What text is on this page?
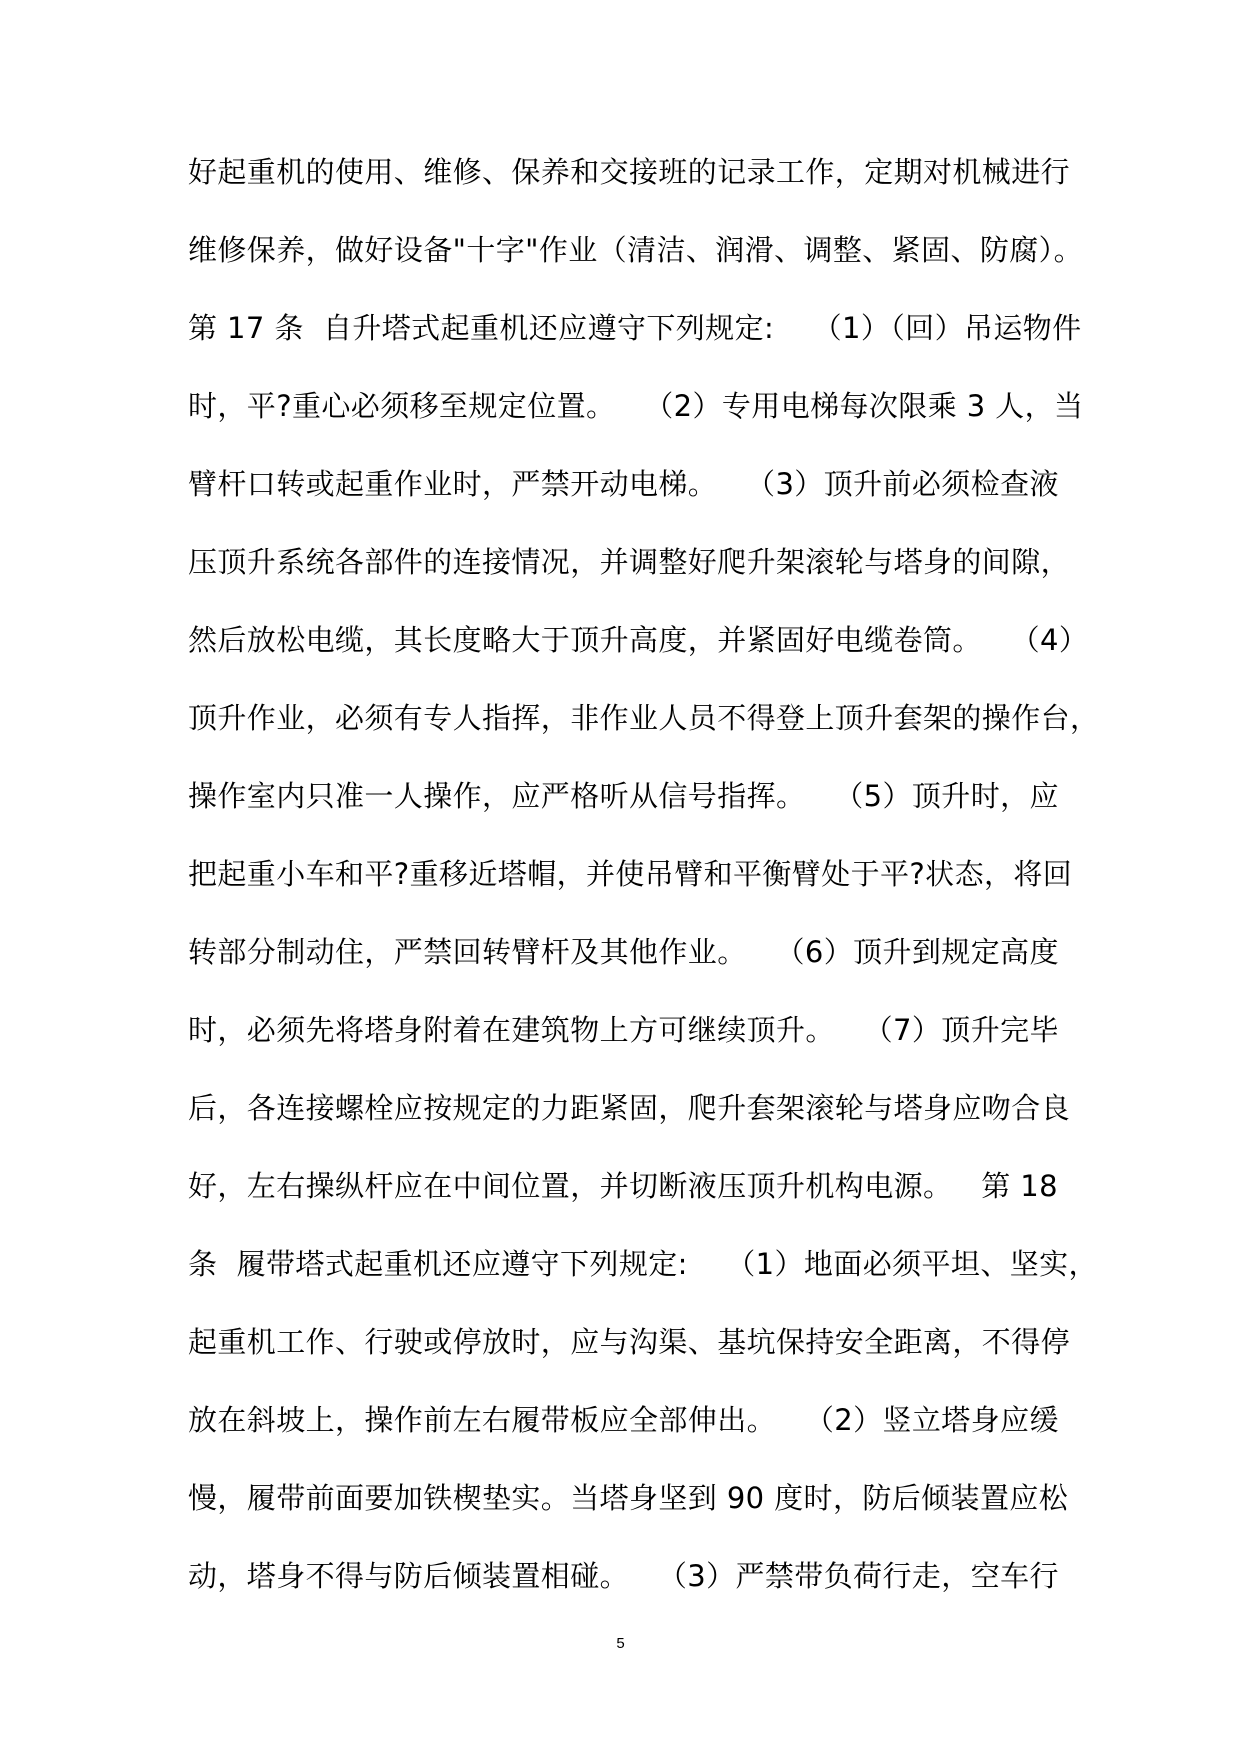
好起重机的使用、维修、保养和交接班的记录工作，定期对机械进行
维修保养，做好设备"十字"作业（清洁、润滑、调整、紧固、防腐）。
第 17 条  自升塔式起重机还应遵守下列规定:    （1）（回）吊运物件
时，平?重心必须移至规定位置。   （2）专用电梯每次限乘 3 人，当
臂杆口转或起重作业时，严禁开动电梯。   （3）顶升前必须检查液
压顶升系统各部件的连接情况，并调整好爬升架滚轮与塔身的间隙，
然后放松电缆，其长度略大于顶升高度，并紧固好电缆卷筒。   （4）
顶升作业，必须有专人指挥，非作业人员不得登上顶升套架的操作台，
操作室内只准一人操作，应严格听从信号指挥。   （5）顶升时，应
把起重小车和平?重移近塔帽，并使吊臂和平衡臂处于平?状态，将回
转部分制动住，严禁回转臂杆及其他作业。   （6）顶升到规定高度
时，必须先将塔身附着在建筑物上方可继续顶升。   （7）顶升完毕
后，各连接螺栓应按规定的力距紧固，爬升套架滚轮与塔身应吻合良
好，左右操纵杆应在中间位置，并切断液压顶升机构电源。   第 18
条  履带塔式起重机还应遵守下列规定:    （1）地面必须平坦、坚实，
起重机工作、行驶或停放时，应与沟渠、基坑保持安全距离，不得停
放在斜坡上，操作前左右履带板应全部伸出。   （2）竖立塔身应缓
慢，履带前面要加铁楔垫实。当塔身坚到 90 度时，防后倾装置应松
动，塔身不得与防后倾装置相碰。   （3）严禁带负荷行走，空车行
5
